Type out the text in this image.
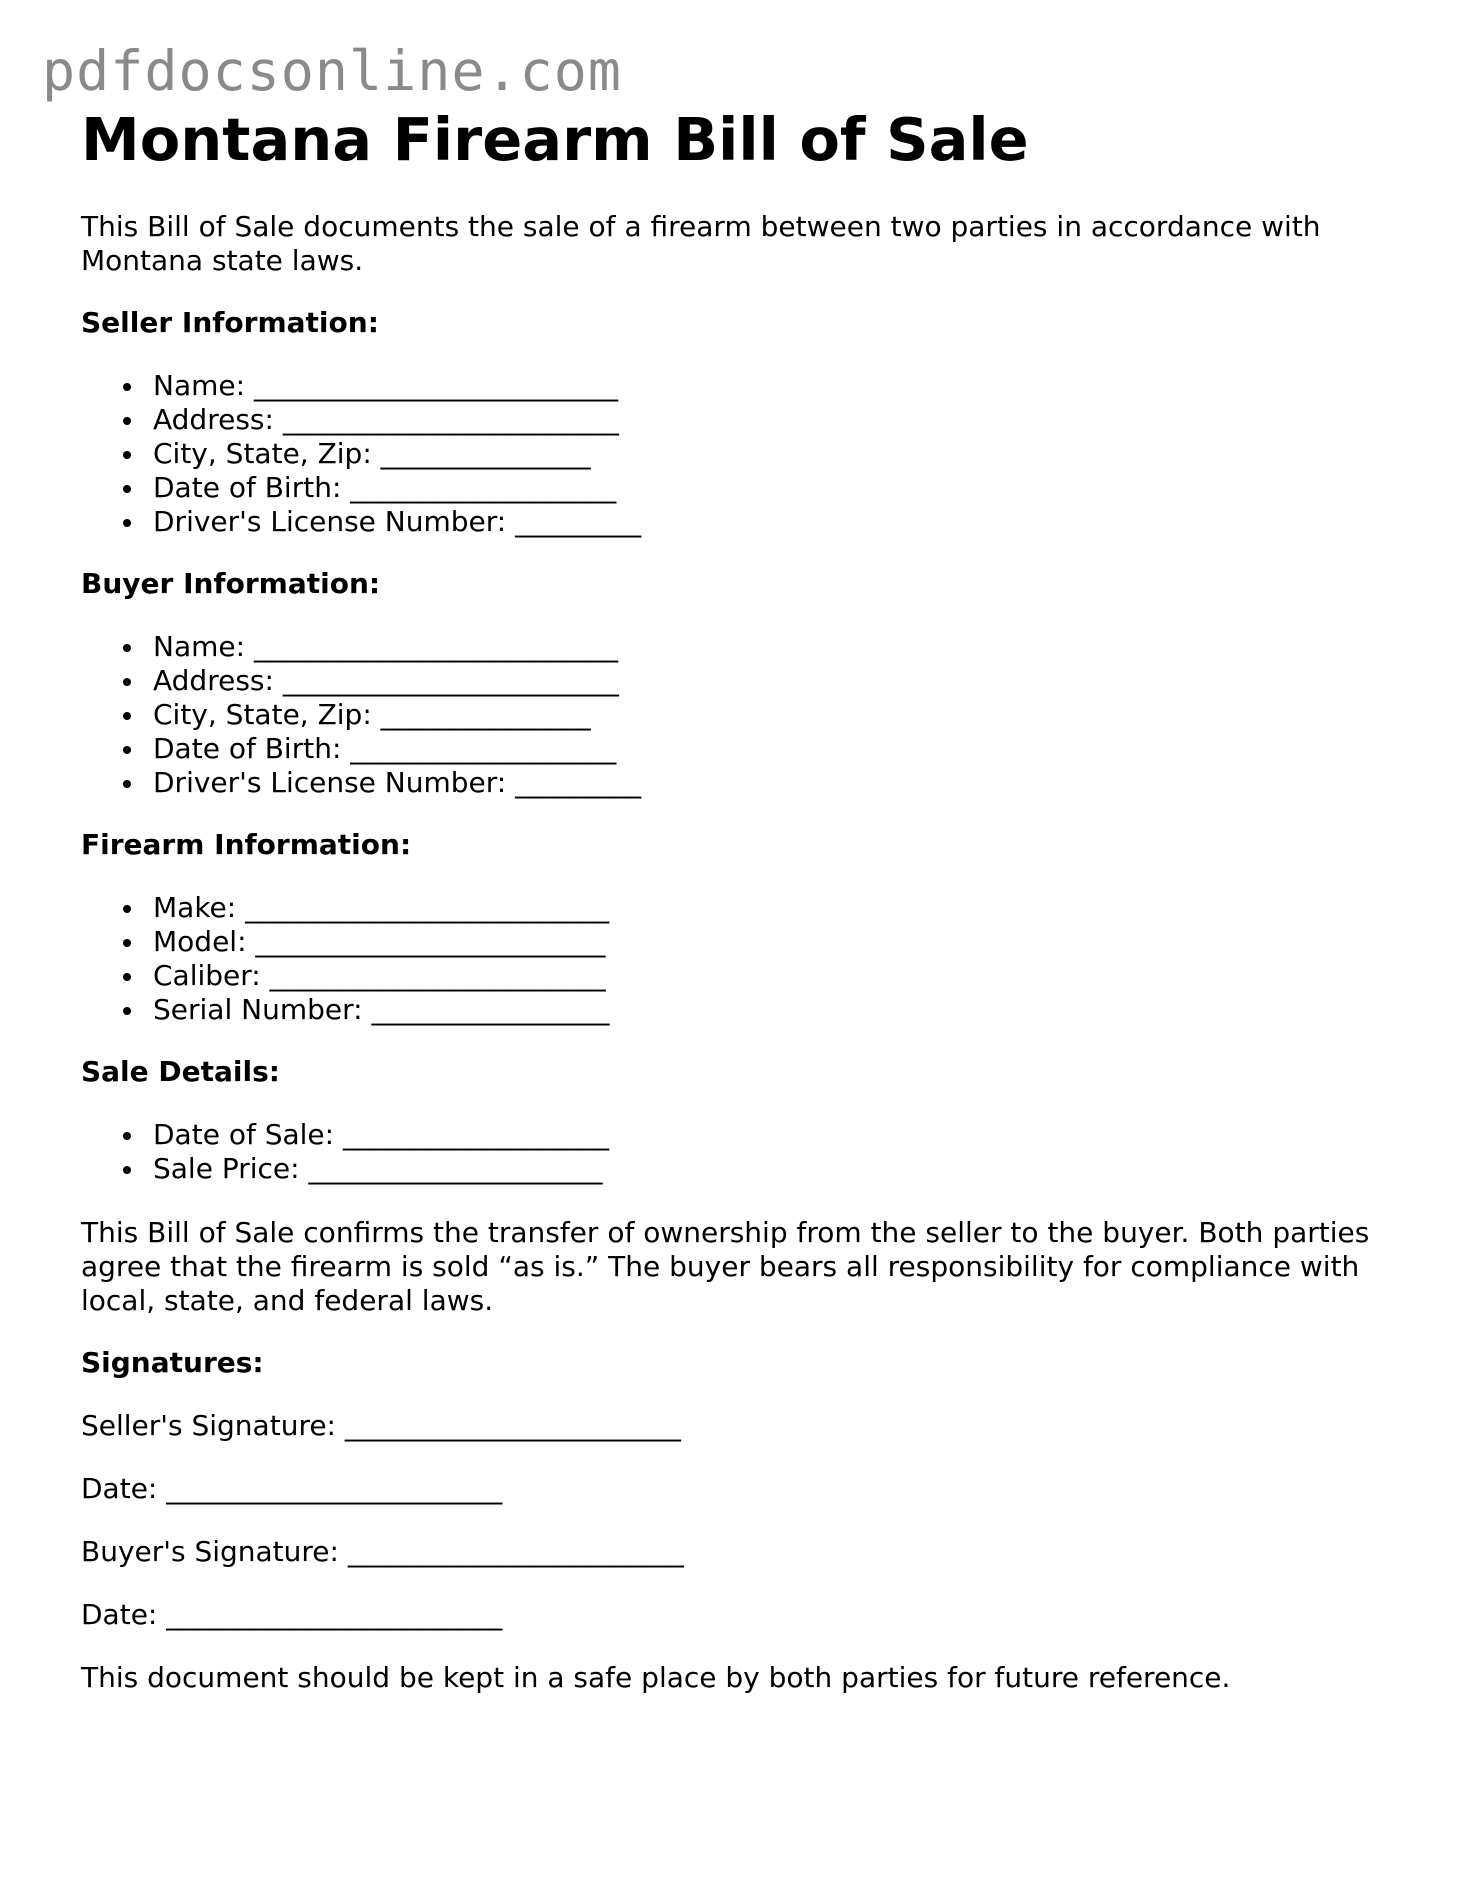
pdfdocsonline.com
Montana Firearm Bill of Sale

This Bill of Sale documents the sale of a firearm between two parties in accordance with Montana state laws.

Seller Information:
Name: __________________________
Address: ________________________
City, State, Zip: _______________
Date of Birth: ___________________
Driver's License Number: _________
Buyer Information:
Name: __________________________
Address: ________________________
City, State, Zip: _______________
Date of Birth: ___________________
Driver's License Number: _________
Firearm Information:
Make: __________________________
Model: _________________________
Caliber: ________________________
Serial Number: _________________
Sale Details:
Date of Sale: ___________________
Sale Price: _____________________

This Bill of Sale confirms the transfer of ownership from the seller to the buyer. Both parties agree that the firearm is sold “as is.” The buyer bears all responsibility for compliance with local, state, and federal laws.

Signatures:
Seller's Signature: ________________________
Date: ________________________
Buyer's Signature: ________________________
Date: ________________________

This document should be kept in a safe place by both parties for future reference.
